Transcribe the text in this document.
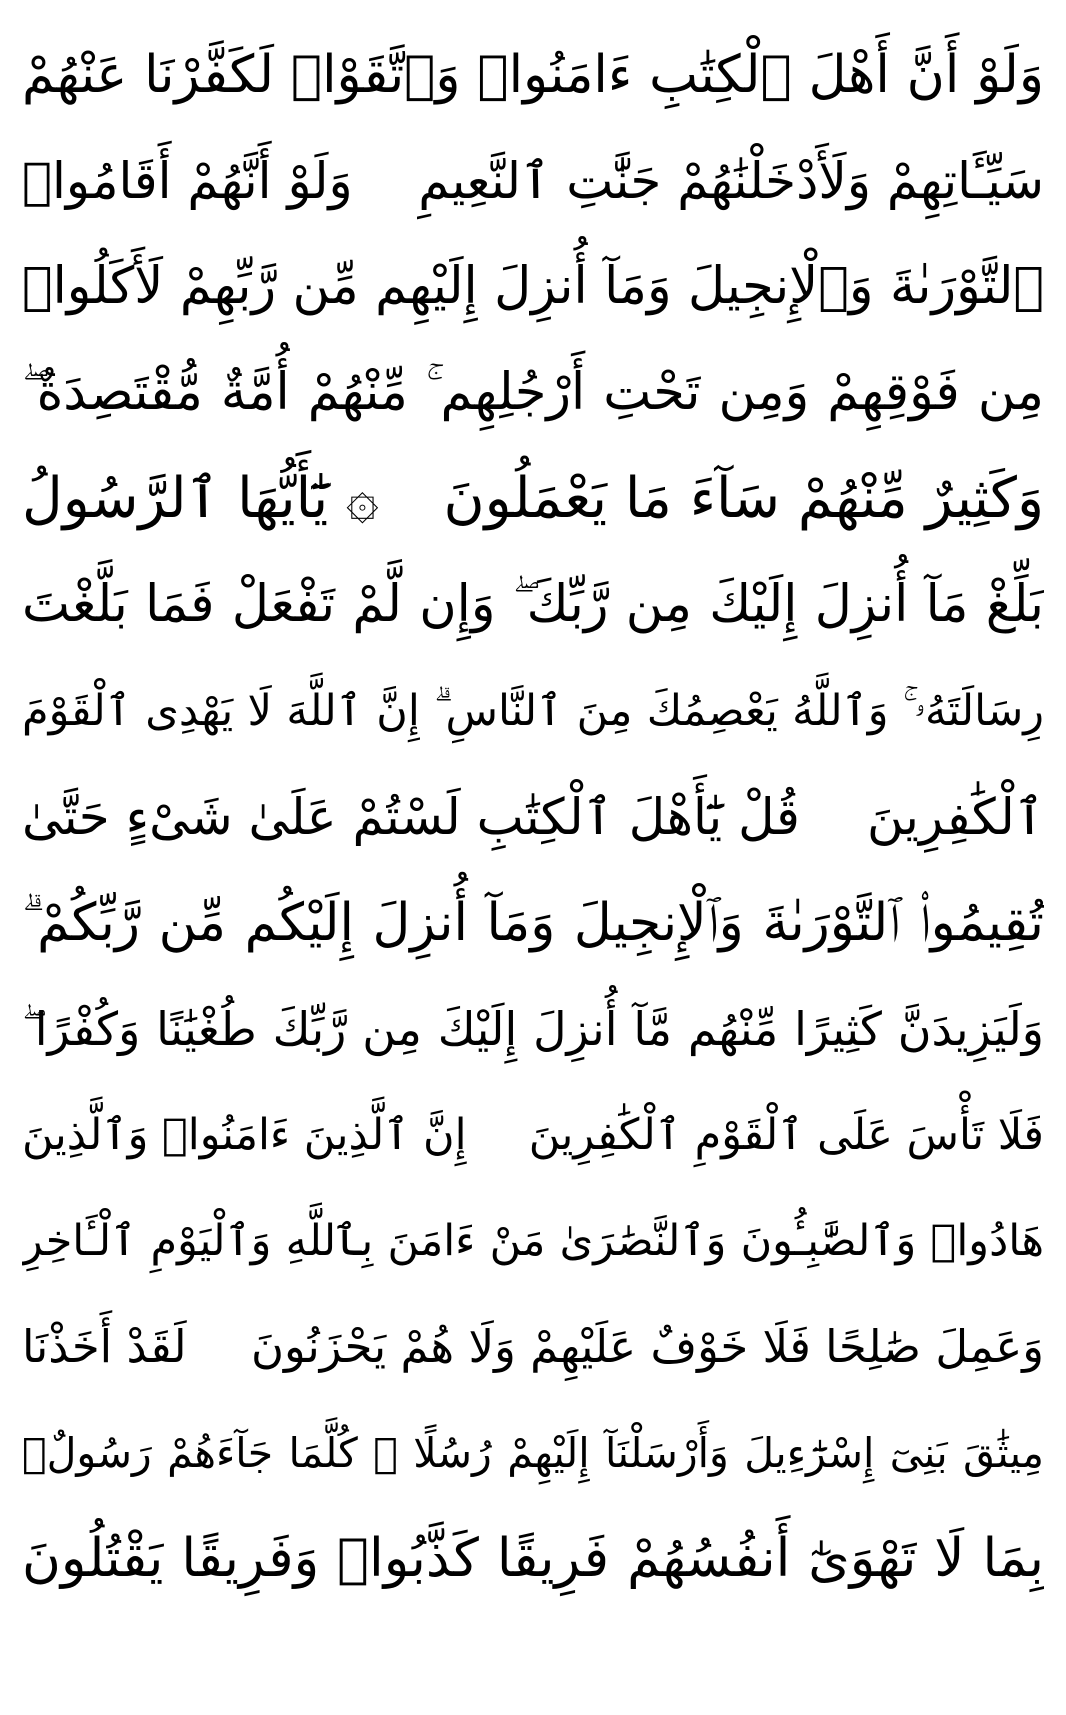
وَلَوْ أَنَّ أَهْلَ ٱلْكِتَٰبِ ءَامَنُوا۟ وَٱتَّقَوْا۟ لَكَفَّرْنَا عَنْهُمْ
سَيِّـَٔاتِهِمْ وَلَأَدْخَلْنَٰهُمْ جَنَّٰتِ ٱلنَّعِيمِ
وَلَوْ أَنَّهُمْ أَقَامُوا۟
ٱلتَّوْرَىٰةَ وَٱلْإِنجِيلَ وَمَآ أُنزِلَ إِلَيْهِم مِّن رَّبِّهِمْ لَأَكَلُوا۟
مِن فَوْقِهِمْ وَمِن تَحْتِ أَرْجُلِهِم ۚ مِّنْهُمْ أُمَّةٌ مُّقْتَصِدَةٌ ۖ
وَكَثِيرٌ مِّنْهُمْ سَآءَ مَا يَعْمَلُونَ
۞ يَٰٓأَيُّهَا ٱلرَّسُولُ
بَلِّغْ مَآ أُنزِلَ إِلَيْكَ مِن رَّبِّكَ ۖ وَإِن لَّمْ تَفْعَلْ فَمَا بَلَّغْتَ
رِسَالَتَهُۥ ۚ وَٱللَّهُ يَعْصِمُكَ مِنَ ٱلنَّاسِ ۗ إِنَّ ٱللَّهَ لَا يَهْدِى ٱلْقَوْمَ
ٱلْكَٰفِرِينَ
قُلْ يَٰٓأَهْلَ ٱلْكِتَٰبِ لَسْتُمْ عَلَىٰ شَىْءٍ حَتَّىٰ
تُقِيمُوا۟ ٱلتَّوْرَىٰةَ وَٱلْإِنجِيلَ وَمَآ أُنزِلَ إِلَيْكُم مِّن رَّبِّكُمْ ۗ
وَلَيَزِيدَنَّ كَثِيرًا مِّنْهُم مَّآ أُنزِلَ إِلَيْكَ مِن رَّبِّكَ طُغْيَٰنًا وَكُفْرًا ۖ
فَلَا تَأْسَ عَلَى ٱلْقَوْمِ ٱلْكَٰفِرِينَ
إِنَّ ٱلَّذِينَ ءَامَنُوا۟ وَٱلَّذِينَ
هَادُوا۟ وَٱلصَّٰبِـُٔونَ وَٱلنَّصَٰرَىٰ مَنْ ءَامَنَ بِٱللَّهِ وَٱلْيَوْمِ ٱلْـَٔاخِرِ
وَعَمِلَ صَٰلِحًا فَلَا خَوْفٌ عَلَيْهِمْ وَلَا هُمْ يَحْزَنُونَ
لَقَدْ أَخَذْنَا
مِيثَٰقَ بَنِىٓ إِسْرَٰٓءِيلَ وَأَرْسَلْنَآ إِلَيْهِمْ رُسُلًا ۖ كُلَّمَا جَآءَهُمْ رَسُولٌۢ
بِمَا لَا تَهْوَىٰٓ أَنفُسُهُمْ فَرِيقًا كَذَّبُوا۟ وَفَرِيقًا يَقْتُلُونَ
